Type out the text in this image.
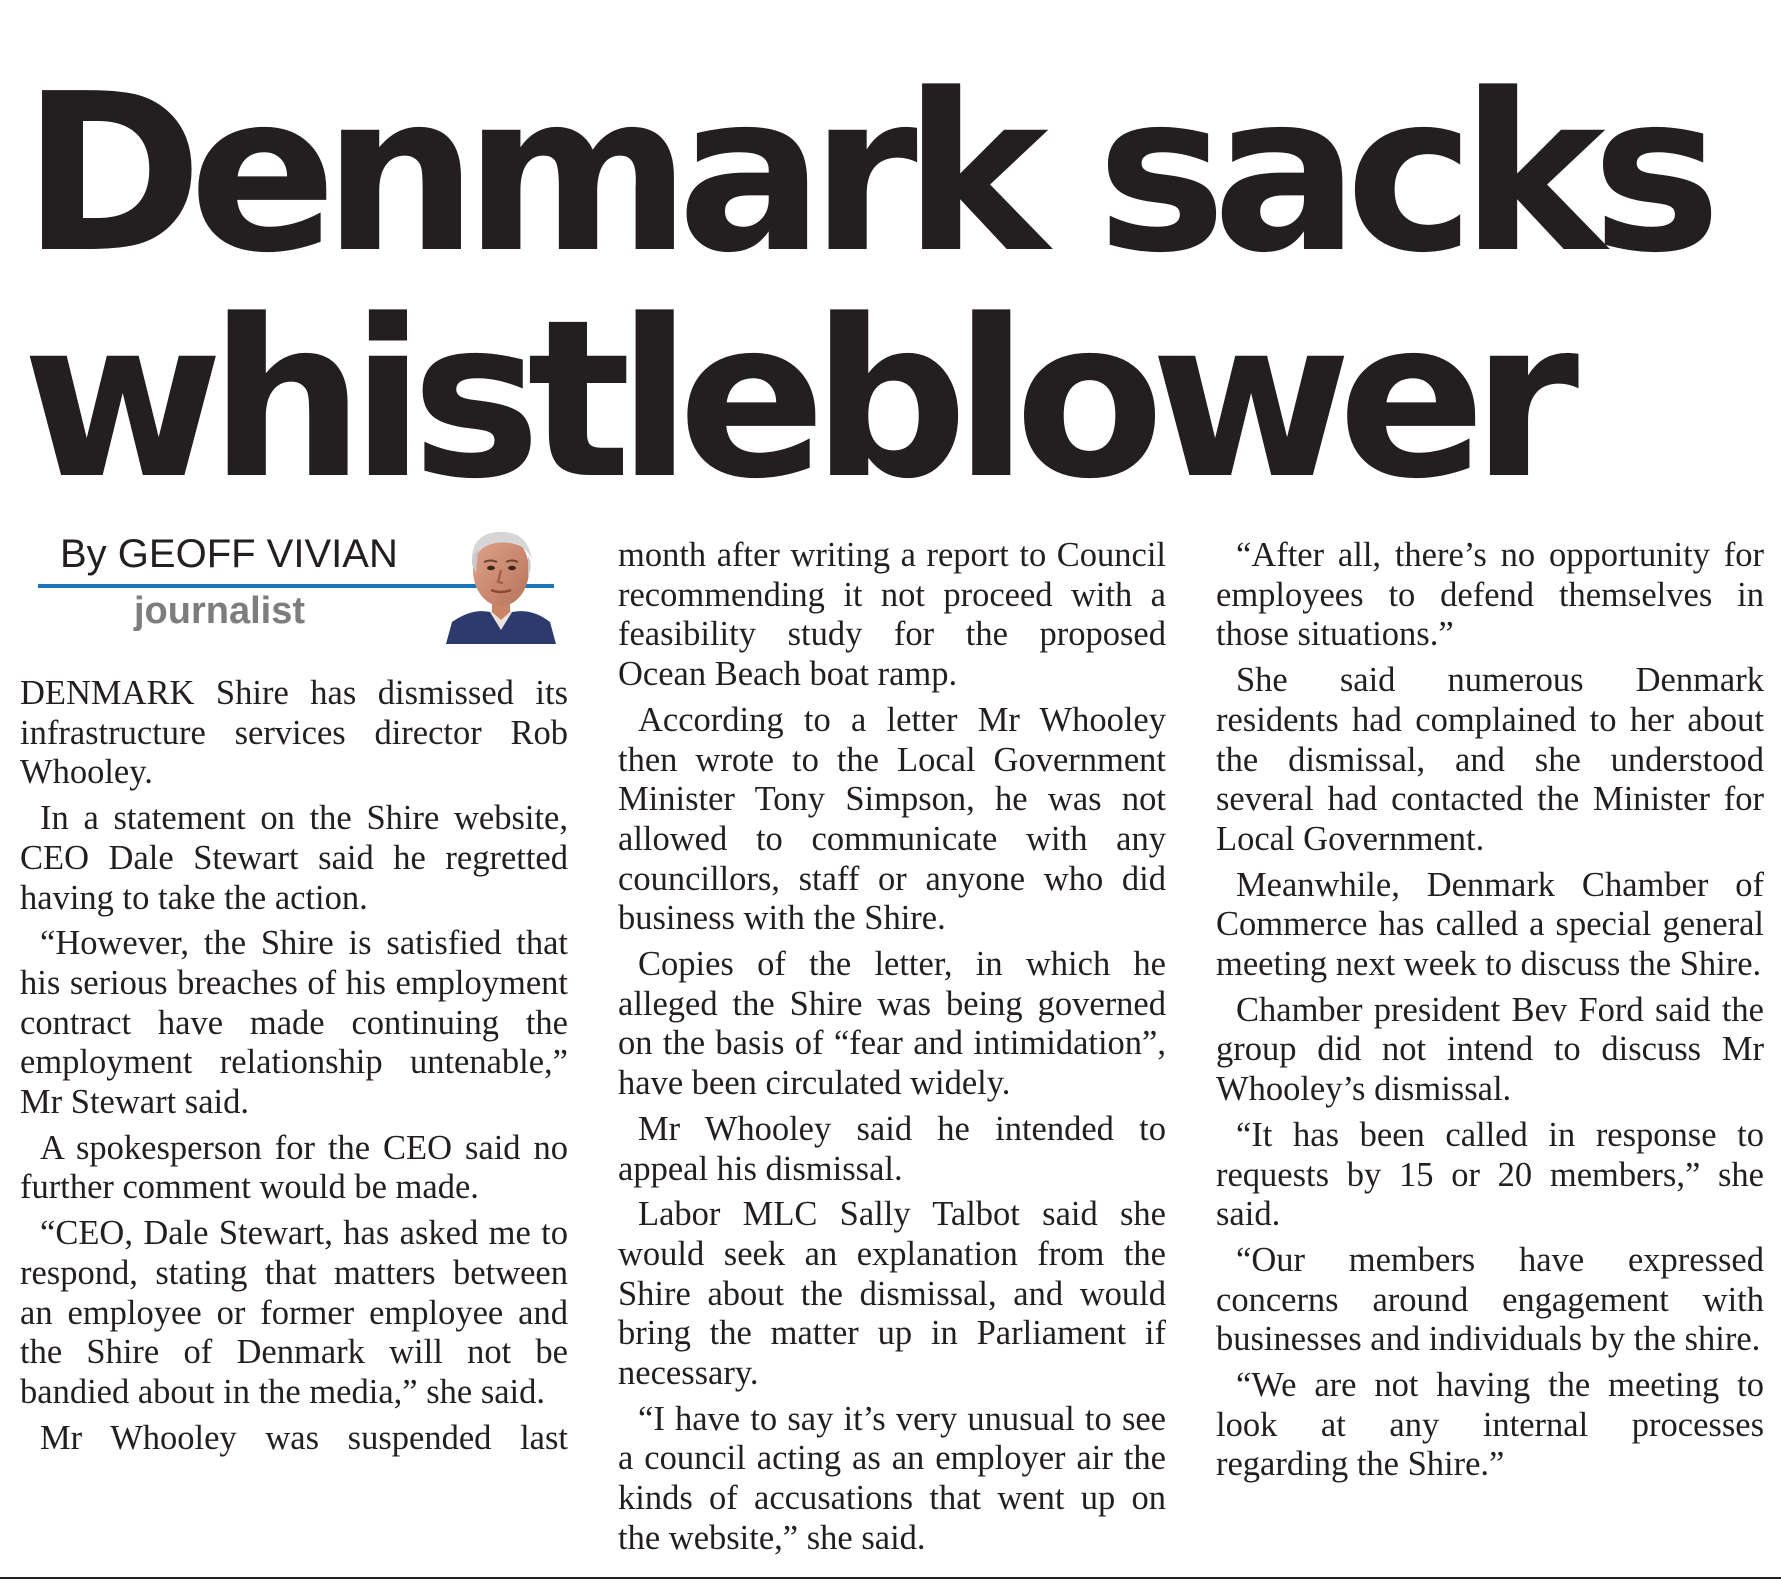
Denmark sacks
whistleblower
By GEOFF VIVIAN
journalist

DENMARK Shire has dismissed its infrastructure services director Rob Whooley.

In a statement on the Shire website, CEO Dale Stewart said he regretted having to take the action.

“However, the Shire is satisfied that his serious breaches of his employment contract have made continuing the employment relationship untenable,” Mr Stewart said.

A spokesperson for the CEO said no further comment would be made.

“CEO, Dale Stewart, has asked me to respond, stating that matters between an employee or former employee and the Shire of Denmark will not be bandied about in the media,” she said.

Mr Whooley was suspended last

month after writing a report to Council recommending it not proceed with a feasibility study for the proposed Ocean Beach boat ramp.

According to a letter Mr Whooley then wrote to the Local Government Minister Tony Simpson, he was not allowed to communicate with any councillors, staff or anyone who did business with the Shire.

Copies of the letter, in which he alleged the Shire was being governed on the basis of “fear and intimidation”, have been circulated widely.

Mr Whooley said he intended to appeal his dismissal.

Labor MLC Sally Talbot said she would seek an explanation from the Shire about the dismissal, and would bring the matter up in Parliament if necessary.

“I have to say it’s very unusual to see a council acting as an employer air the kinds of accusations that went up on the website,” she said.

“After all, there’s no opportunity for employees to defend themselves in those situations.”

She said numerous Denmark residents had complained to her about the dismissal, and she understood several had contacted the Minister for Local Government.

Meanwhile, Denmark Chamber of Commerce has called a special general meeting next week to discuss the Shire.

Chamber president Bev Ford said the group did not intend to discuss Mr Whooley’s dismissal.

“It has been called in response to requests by 15 or 20 members,” she said.

“Our members have expressed concerns around engagement with businesses and individuals by the shire.

“We are not having the meeting to look at any internal processes regarding the Shire.”
